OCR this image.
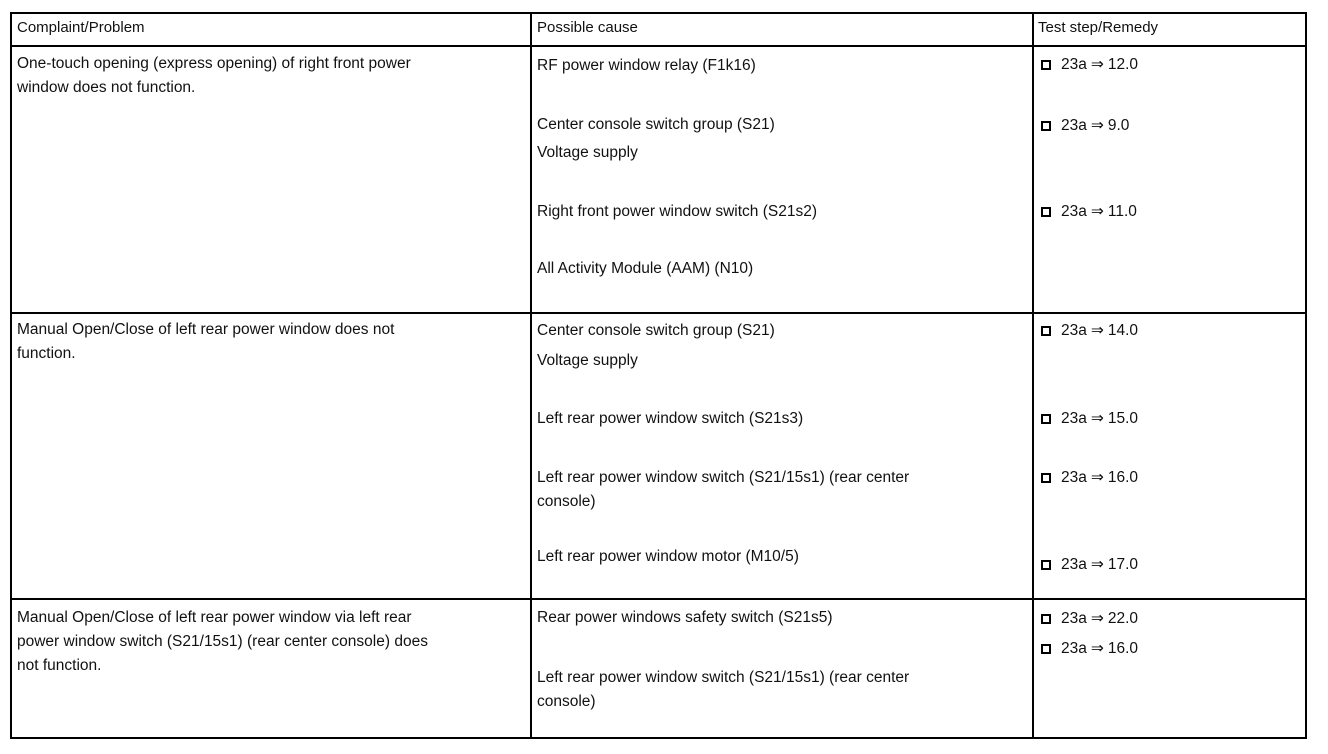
Complaint/Problem	Possible cause	Test step/Remedy
One-touch opening (express opening) of right front power
window does not function.
RF power window relay (F1k16)
Center console switch group (S21)
Voltage supply
Right front power window switch (S21s2)
All Activity Module (AAM) (N10)
23a ⇒ 12.0
23a ⇒ 9.0
23a ⇒ 11.0
Manual Open/Close of left rear power window does not
function.
Center console switch group (S21)
Voltage supply
Left rear power window switch (S21s3)
Left rear power window switch (S21/15s1) (rear center
console)
Left rear power window motor (M10/5)
23a ⇒ 14.0
23a ⇒ 15.0
23a ⇒ 16.0
23a ⇒ 17.0
Manual Open/Close of left rear power window via left rear
power window switch (S21/15s1) (rear center console) does
not function.
Rear power windows safety switch (S21s5)
Left rear power window switch (S21/15s1) (rear center
console)
23a ⇒ 22.0
23a ⇒ 16.0
